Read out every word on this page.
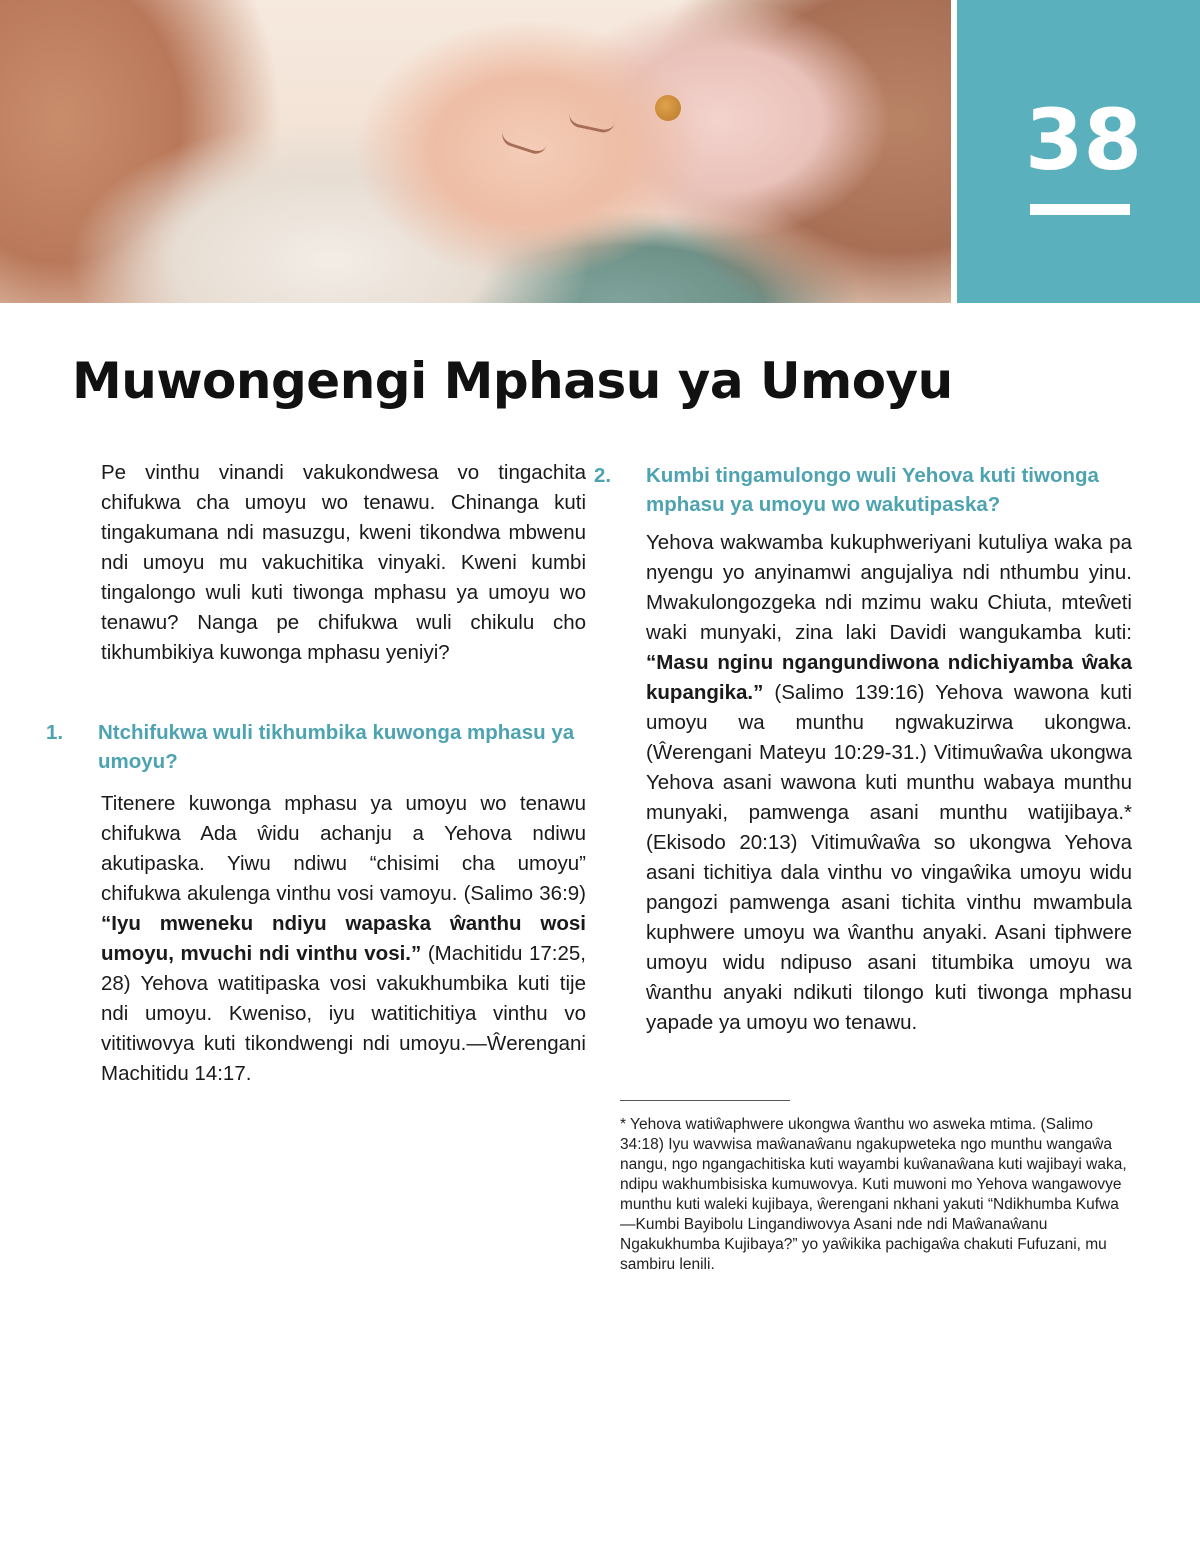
38
Muwongengi Mphasu ya Umoyu

Pe vinthu vinandi vakukondwesa vo tingachita chifukwa cha umoyu wo tenawu. Chinanga kuti tingakumana ndi masuzgu, kweni tikondwa mbwenu ndi umoyu mu vakuchitika vinyaki. Kweni kumbi tingalongo wuli kuti tiwonga mphasu ya umoyu wo tenawu? Nanga pe chifukwa wuli chikulu cho tikhumbikiya kuwonga mphasu yeniyi?

1. Ntchifukwa wuli tikhumbika kuwonga mphasu ya umoyu?

Titenere kuwonga mphasu ya umoyu wo tenawu chifukwa Ada ŵidu achanju a Yehova ndiwu akutipaska. Yiwu ndiwu “chisimi cha umoyu” chifukwa akulenga vinthu vosi vamoyu. (Salimo 36:9) “Iyu mweneku ndiyu wapaska ŵanthu wosi umoyu, mvuchi ndi vinthu vosi.” (Machitidu 17:25, 28) Yehova watitipaska vosi vakukhumbika kuti tije ndi umoyu. Kweniso, iyu watitichitiya vinthu vo vititiwovya kuti tikondwengi ndi umoyu.—Ŵerengani Machitidu 14:17.

2. Kumbi tingamulongo wuli Yehova kuti tiwonga mphasu ya umoyu wo wakutipaska?

Yehova wakwamba kukuphweriyani kutuliya waka pa nyengu yo anyinamwi angujaliya ndi nthumbu yinu. Mwakulongozgeka ndi mzimu waku Chiuta, mteŵeti waki munyaki, zina laki Davidi wangukamba kuti: “Masu nginu ngangundiwona ndichiyamba ŵaka kupangika.” (Salimo 139:16) Yehova wawona kuti umoyu wa munthu ngwakuzirwa ukongwa. (Ŵerengani Mateyu 10:29-31.) Vitimuŵaŵa ukongwa Yehova asani wawona kuti munthu wabaya munthu munyaki, pamwenga asani munthu watijibaya.* (Ekisodo 20:13) Vitimuŵaŵa so ukongwa Yehova asani tichitiya dala vinthu vo vingaŵika umoyu widu pangozi pamwenga asani tichita vinthu mwambula kuphwere umoyu wa ŵanthu anyaki. Asani tiphwere umoyu widu ndipuso asani titumbika umoyu wa ŵanthu anyaki ndikuti tilongo kuti tiwonga mphasu yapade ya umoyu wo tenawu.

* Yehova watiŵaphwere ukongwa ŵanthu wo asweka mtima. (Salimo 34:18) Iyu wavwisa maŵanaŵanu ngakupweteka ngo munthu wangaŵa nangu, ngo ngangachitiska kuti wayambi kuŵanaŵana kuti wajibayi waka, ndipu wakhumbisiska kumuwovya. Kuti muwoni mo Yehova wangawovye munthu kuti waleki kujibaya, ŵerengani nkhani yakuti “Ndikhumba Kufwa—Kumbi Bayibolu Lingandiwovya Asani nde ndi Maŵanaŵanu Ngakukhumba Kujibaya?” yo yaŵikika pachigaŵa chakuti Fufuzani, mu sambiru lenili.
